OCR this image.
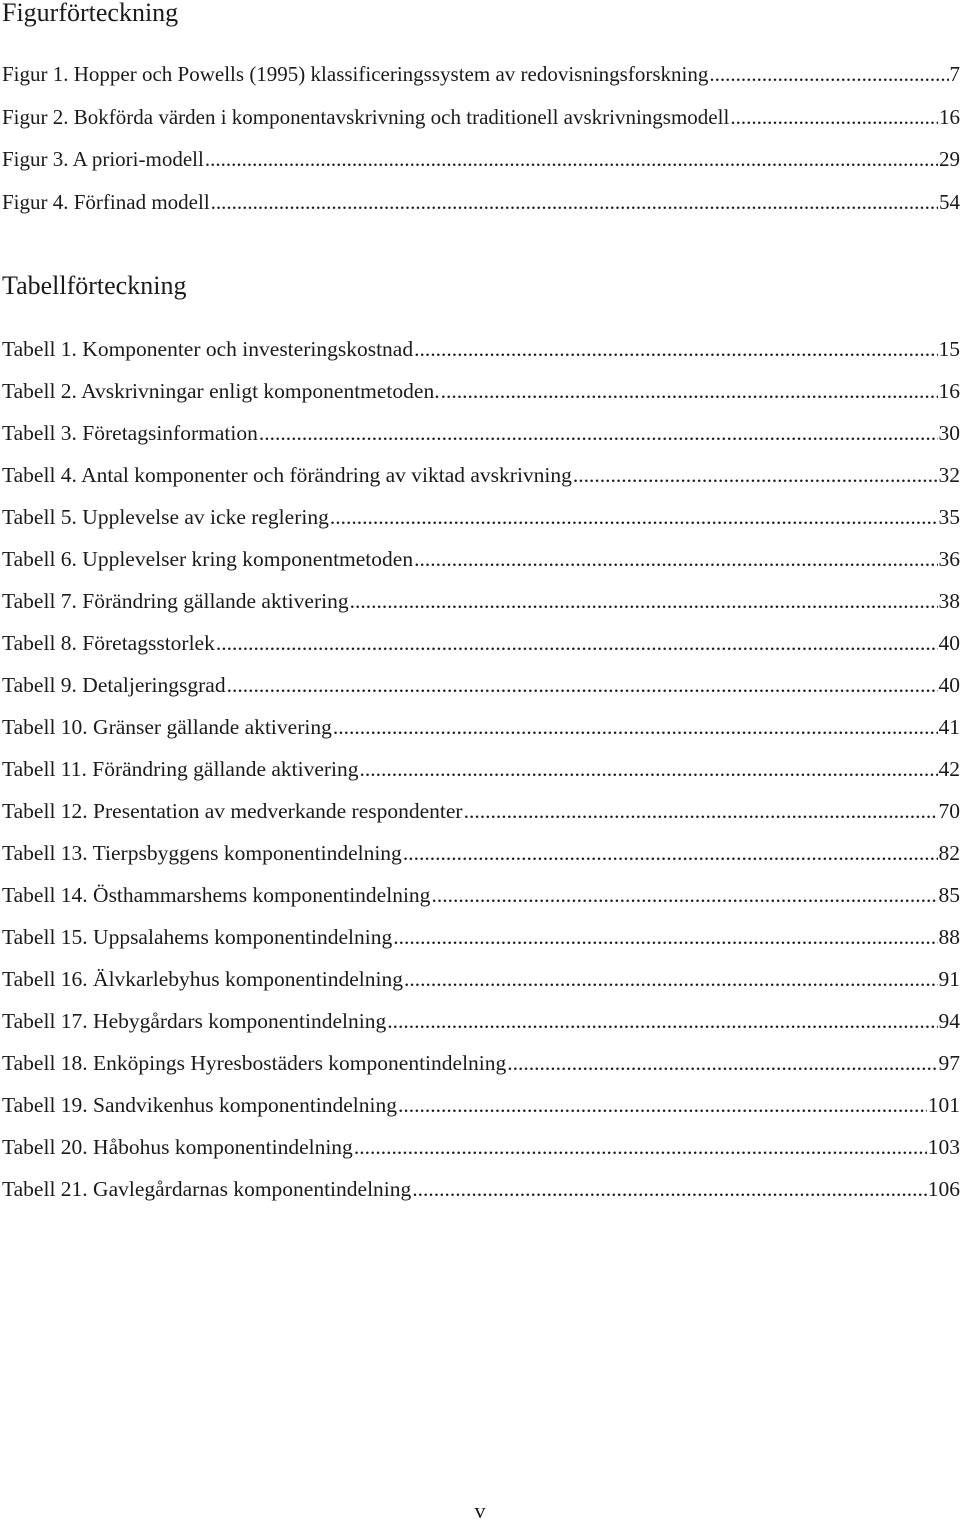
Figurförteckning
Figur 1. Hopper och Powells (1995) klassificeringssystem av redovisningsforskning .....	7
Figur 2. Bokförda värden i komponentavskrivning och traditionell avskrivningsmodell .....	16
Figur 3. A priori-modell .....	29
Figur 4. Förfinad modell .....	54
Tabellförteckning
Tabell 1. Komponenter och investeringskostnad .....	15
Tabell 2. Avskrivningar enligt komponentmetoden. .....	16
Tabell 3. Företagsinformation .....	30
Tabell 4. Antal komponenter och förändring av viktad avskrivning .....	32
Tabell 5. Upplevelse av icke reglering .....	35
Tabell 6. Upplevelser kring komponentmetoden .....	36
Tabell 7. Förändring gällande aktivering .....	38
Tabell 8. Företagsstorlek .....	40
Tabell 9. Detaljeringsgrad .....	40
Tabell 10. Gränser gällande aktivering .....	41
Tabell 11. Förändring gällande aktivering .....	42
Tabell 12. Presentation av medverkande respondenter .....	70
Tabell 13. Tierpsbyggens komponentindelning .....	82
Tabell 14. Östhammarshems komponentindelning .....	85
Tabell 15. Uppsalahems komponentindelning .....	88
Tabell 16. Älvkarlebyhus komponentindelning .....	91
Tabell 17. Hebygårdars komponentindelning .....	94
Tabell 18. Enköpings Hyresbostäders komponentindelning .....	97
Tabell 19. Sandvikenhus komponentindelning .....	101
Tabell 20. Håbohus komponentindelning .....	103
Tabell 21. Gavlegårdarnas komponentindelning .....	106
v
